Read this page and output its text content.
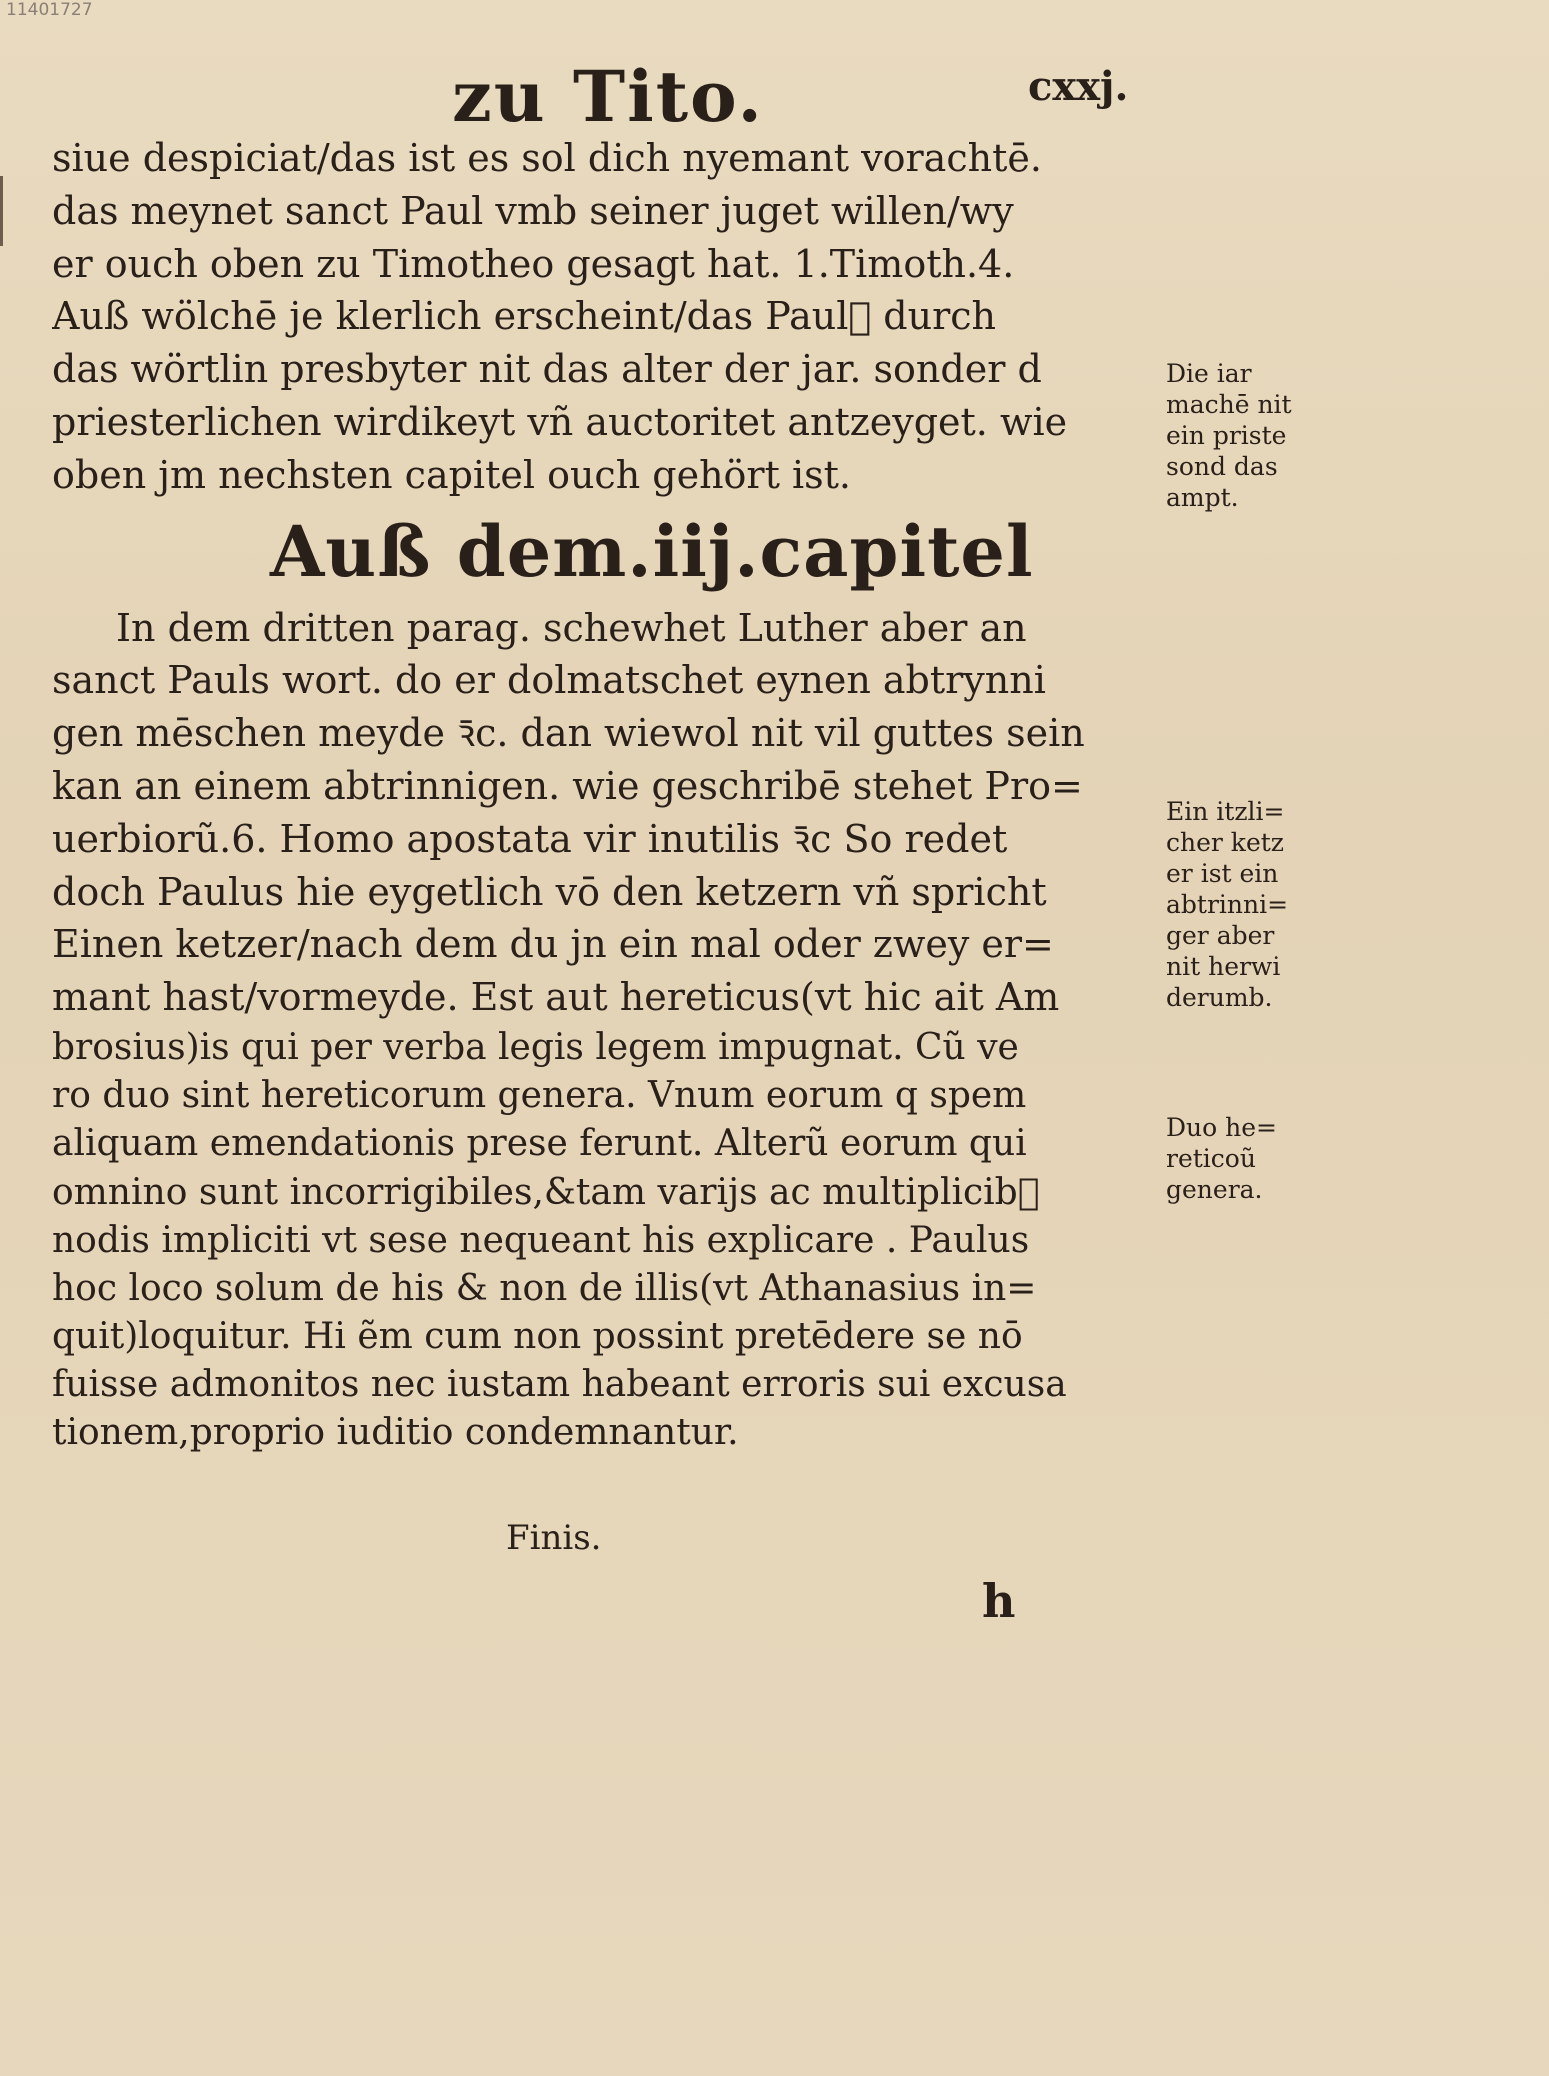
11401727
zu Tito.	cxxj.
siue despiciat/das ist es sol dich nyemant vorachtē.
das meynet sanct Paul vmb seiner juget willen/wy
er ouch oben zu Timotheo gesagt hat. 1.Timoth.4.
Auß wölchē je klerlich erscheint/das Paulᷞ durch
das wörtlin presbyter nit das alter der jar. sonder d
priesterlichen wirdikeyt vñ auctoritet antzeyget. wie
oben jm nechsten capitel ouch gehört ist.
Auß dem.iij.capitel
In dem dritten parag. schewhet Luther aber an
sanct Pauls wort. do er dolmatschet eynen abtrynni
gen mēschen meyde ꝛ̄c. dan wiewol nit vil guttes sein
kan an einem abtrinnigen. wie geschribē stehet Pro=
uerbiorũ.6. Homo apostata vir inutilis ꝛ̄c So redet
doch Paulus hie eygetlich vō den ketzern vñ spricht
Einen ketzer/nach dem du jn ein mal oder zwey er=
mant hast/vormeyde. Est aut hereticus(vt hic ait Am
brosius)is qui per verba legis legem impugnat. Cũ ve
ro duo sint hereticorum genera. Vnum eorum q spem
aliquam emendationis prese ferunt. Alterũ eorum qui
omnino sunt incorrigibiles,&tam varijs ac multiplicibᷞ
nodis impliciti vt sese nequeant his explicare . Paulus
hoc loco solum de his & non de illis(vt Athanasius in=
quit)loquitur. Hi ẽm cum non possint pretēdere se nō
fuisse admonitos nec iustam habeant erroris sui excusa
tionem,proprio iuditio condemnantur.
Finis.
h
Die iar
machē nit
ein priste
sond das
ampt.
Ein itzli=
cher ketz
er ist ein
abtrinni=
ger aber
nit herwi
derumb.
Duo he=
reticoũ
genera.
